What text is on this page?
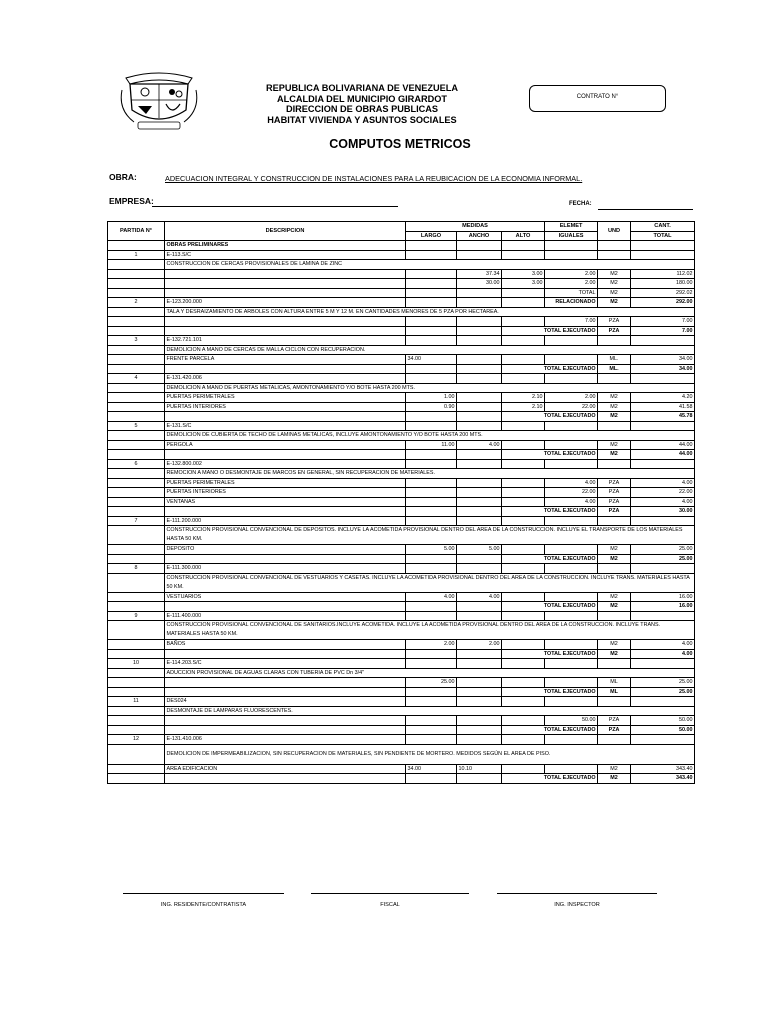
REPUBLICA BOLIVARIANA DE VENEZUELA
ALCALDIA DEL MUNICIPIO GIRARDOT
DIRECCION DE OBRAS PUBLICAS
HABITAT VIVIENDA Y ASUNTOS SOCIALES
CONTRATO N°
COMPUTOS METRICOS
OBRA:	ADECUACION INTEGRAL Y CONSTRUCCION DE INSTALACIONES PARA LA REUBICACION DE LA ECONOMIA INFORMAL.
EMPRESA:	FECHA:
PARTIDA N°	DESCRIPCION	MEDIDAS			ELEMET	UND	CANT.
		LARGO	ANCHO	ALTO	IGUALES		TOTAL
	OBRAS PRELIMINARES						
1	E-113.S/C						
	CONSTRUCCION DE CERCAS PROVISIONALES DE LAMINA DE ZINC						
			37.34	3.00	2.00	M2	112.02
			30.00	3.00	2.00	M2	180.00
					TOTAL	M2	292.02
2	E-123.200.000				RELACIONADO	M2	292.00
	TALA Y DESRAIZAMIENTO DE ARBOLES CON ALTURA ENTRE 5 M Y 12 M. EN CANTIDADES MENORES DE 5 PZA POR HECTAREA.						
					7.00	PZA	7.00
				TOTAL EJECUTADO		PZA	7.00
3	E-132.721.101						
	DEMOLICION A MANO DE CERCAS DE MALLA CICLON CON RECUPERACION.						
	FRENTE PARCELA	34.00				ML.	34.00
				TOTAL EJECUTADO		ML.	34.00
4	E-131.420.006						
	DEMOLICION A MANO DE PUERTAS METALICAS, AMONTONAMIENTO Y/O BOTE HASTA 200 MTS.						
	PUERTAS PERIMETRALES	1.00		2.10	2.00	M2	4.20
	PUERTAS INTERIORES	0.90		2.10	22.00	M2	41.58
				TOTAL EJECUTADO		M2	45.78
5	E-131.S/C						
	DEMOLICION DE CUBIERTA DE TECHO DE LAMINAS METALICAS, INCLUYE AMONTONAMIENTO Y/O BOTE HASTA 200 MTS.						
	PERGOLA	11.00	4.00			M2	44.00
				TOTAL EJECUTADO		M2	44.00
6	E-132.800.002						
	REMOCION A MANO O DESMONTAJE DE MARCOS EN GENERAL, SIN RECUPERACION DE MATERIALES.						
	PUERTAS PERIMETRALES				4.00	PZA	4.00
	PUERTAS INTERIORES				22.00	PZA	22.00
	VENTANAS				4.00	PZA	4.00
				TOTAL EJECUTADO		PZA	30.00
7	E-111.200.000						
	CONSTRUCCION PROVISIONAL CONVENCIONAL DE DEPOSITOS. INCLUYE LA ACOMETIDA PROVISIONAL DENTRO DEL AREA DE LA CONSTRUCCION. INCLUYE EL TRANSPORTE DE LOS MATERIALES HASTA 50 KM.						
	DEPOSITO	5.00	5.00			M2	25.00
				TOTAL EJECUTADO		M2	25.00
8	E-111.300.000						
	CONSTRUCCION PROVISIONAL CONVENCIONAL DE VESTUARIOS Y CASETAS. INCLUYE LA ACOMETIDA PROVISIONAL DENTRO DEL AREA DE LA CONSTRUCCION. INCLUYE TRANS. MATERIALES HASTA 50 KM.						
	VESTUARIOS	4.00	4.00			M2	16.00
				TOTAL EJECUTADO		M2	16.00
9	E-111.400.000						
	CONSTRUCCION PROVISIONAL CONVENCIONAL DE SANITARIOS.INCLUYE ACOMETIDA. INCLUYE LA ACOMETIDA PROVISIONAL DENTRO DEL AREA DE LA CONSTRUCCION. INCLUYE TRANS. MATERIALES HASTA 50 KM.						
	BAÑOS	2.00	2.00			M2	4.00
				TOTAL EJECUTADO		M2	4.00
10	E-114.203.S/C						
	ADUCCION PROVISIONAL DE AGUAS CLARAS CON TUBERIA DE PVC Dn 3/4"						
		25.00				ML	25.00
				TOTAL EJECUTADO		ML	25.00
11	DES024						
	DESMONTAJE DE LAMPARAS FLUORESCENTES.						
					50.00	PZA	50.00
				TOTAL EJECUTADO		PZA	50.00
12	E-131.410.006						
	DEMOLICION DE IMPERMEABILIZACION, SIN RECUPERACION DE MATERIALES, SIN PENDIENTE DE MORTERO. MEDIDOS SEGÚN EL AREA DE PISO.						
	AREA EDIFICACION	34.00	10.10			M2	343.40
				TOTAL EJECUTADO		M2	343.40
ING. RESIDENTE/CONTRATISTA	FISCAL	ING. INSPECTOR
